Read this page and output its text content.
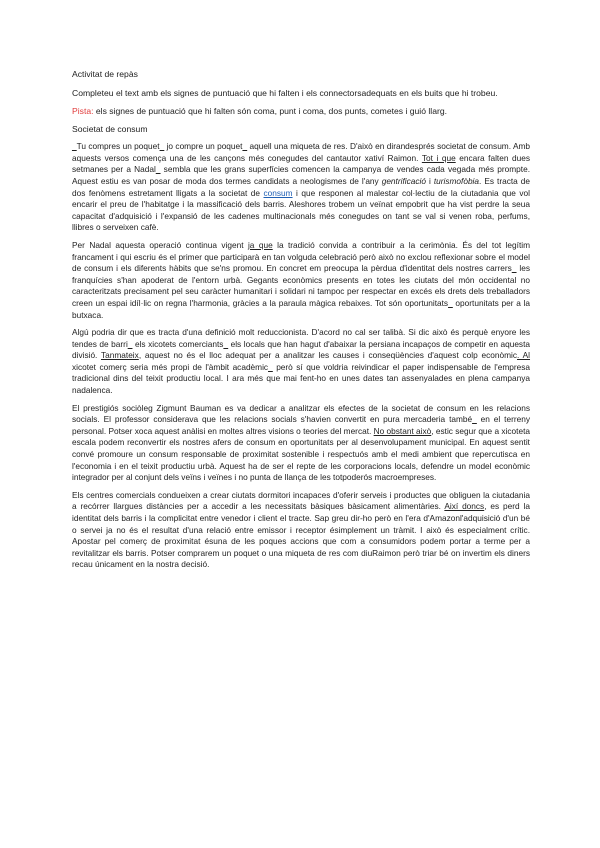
Activitat de repàs
Completeu el text amb els signes de puntuació que hi falten i els connectorsadequats en els buits que hi trobeu.
Pista: els signes de puntuació que hi falten són coma, punt i coma, dos punts, cometes i guió llarg.
Societat de consum

_Tu compres un poquet_ jo compre un poquet_ aquell una miqueta de res. D'això en dirandesprés societat de consum. Amb aquests versos comença una de les cançons més conegudes del cantautor xativí Raimon. Tot i que encara falten dues setmanes per a Nadal_ sembla que les grans superfícies comencen la campanya de vendes cada vegada més prompte. Aquest estiu es van posar de moda dos termes candidats a neologismes de l'any gentrificació i turismofòbia. Es tracta de dos fenòmens estretament lligats a la societat de consum i que responen al malestar col·lectiu de la ciutadania que vol encarir el preu de l'habitatge i la massificació dels barris. Aleshores trobem un veïnat empobrit que ha vist perdre la seua capacitat d'adquisició i l'expansió de les cadenes multinacionals més conegudes on tant se val si venen roba, perfums, llibres o serveixen cafè.

Per Nadal aquesta operació continua vigent ja que la tradició convida a contribuir a la cerimònia. És del tot legítim francament i qui escriu és el primer que participarà en tan volguda celebració però això no exclou reflexionar sobre el model de consum i els diferents hàbits que se'ns promou. En concret em preocupa la pèrdua d'identitat dels nostres carrers_ les franquícies s'han apoderat de l'entorn urbà. Gegants econòmics presents en totes les ciutats del món occidental no caracteritzats precisament pel seu caràcter humanitari i solidari ni tampoc per respectar en excés els drets dels treballadors creen un espai idíl·lic on regna l'harmonia, gràcies a la paraula màgica rebaixes. Tot són oportunitats_ oportunitats per a la butxaca.

Algú podria dir que es tracta d'una definició molt reduccionista. D'acord no cal ser talibà. Si dic això és perquè enyore les tendes de barri_ els xicotets comerciants_ els locals que han hagut d'abaixar la persiana incapaços de competir en aquesta divisió. Tanmateix, aquest no és el lloc adequat per a analitzar les causes i conseqüències d'aquest colp econòmic. Al xicotet comerç seria més propi de l'àmbit acadèmic_ però sí que voldria reivindicar el paper indispensable de l'empresa tradicional dins del teixit productiu local. I ara més que mai fent-ho en unes dates tan assenyalades en plena campanya nadalenca.

El prestigiós sociòleg Zigmunt Bauman es va dedicar a analitzar els efectes de la societat de consum en les relacions socials. El professor considerava que les relacions socials s'havien convertit en pura mercaderia també_ en el terreny personal. Potser xoca aquest anàlisi en moltes altres visions o teories del mercat. No obstant això, estic segur que a xicoteta escala podem reconvertir els nostres afers de consum en oportunitats per al desenvolupament municipal. En aquest sentit convé promoure un consum responsable de proximitat sostenible i respectuós amb el medi ambient que repercutisca en l'economia i en el teixit productiu urbà. Aquest ha de ser el repte de les corporacions locals, defendre un model econòmic integrador per al conjunt dels veïns i veïnes i no punta de llança de les totpoderós macroempreses.

Els centres comercials condueixen a crear ciutats dormitori incapaces d'oferir serveis i productes que obliguen la ciutadania a recórrer llargues distàncies per a accedir a les necessitats bàsiques bàsicament alimentàries. Així doncs, es perd la identitat dels barris i la complicitat entre venedor i client el tracte. Sap greu dir-ho però en l'era d'Amazonl'adquisició d'un bé o servei ja no és el resultat d'una relació entre emissor i receptor ésimplement un tràmit. I això és especialment crític. Apostar pel comerç de proximitat ésuna de les poques accions que com a consumidors podem portar a terme per a revitalitzar els barris. Potser comprarem un poquet o una miqueta de res com diuRaimon però triar bé on invertim els diners recau únicament en la nostra decisió.
